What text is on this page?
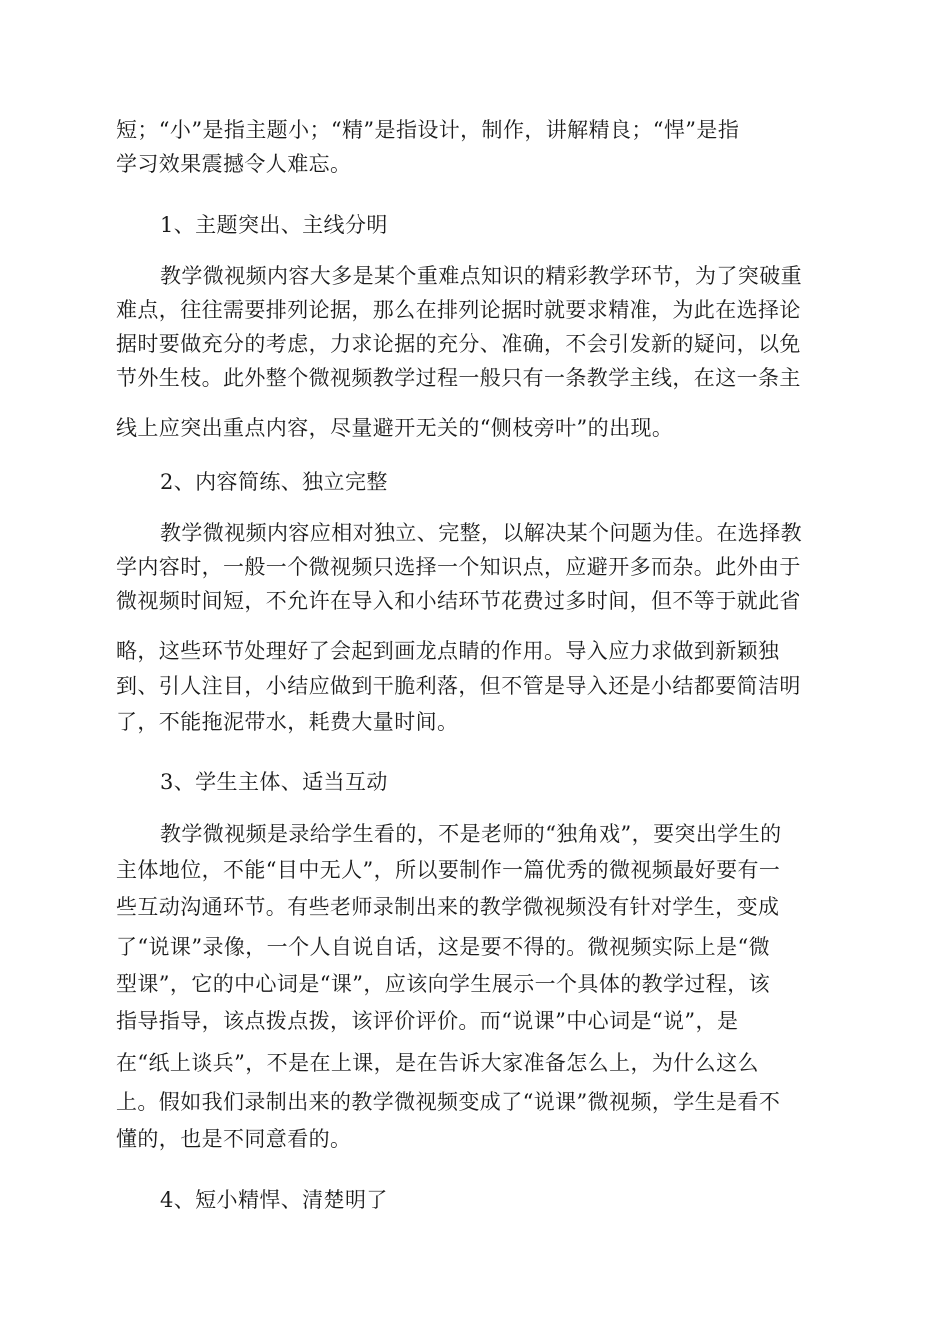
短；“小”是指主题小；“精”是指设计，制作，讲解精良；“悍”是指
学习效果震撼令人难忘。
1、主题突出、主线分明
教学微视频内容大多是某个重难点知识的精彩教学环节，为了突破重
难点，往往需要排列论据，那么在排列论据时就要求精准，为此在选择论
据时要做充分的考虑，力求论据的充分、准确，不会引发新的疑问，以免
节外生枝。此外整个微视频教学过程一般只有一条教学主线，在这一条主
线上应突出重点内容，尽量避开无关的“侧枝旁叶”的出现。
2、内容简练、独立完整
教学微视频内容应相对独立、完整，以解决某个问题为佳。在选择教
学内容时，一般一个微视频只选择一个知识点，应避开多而杂。此外由于
微视频时间短，不允许在导入和小结环节花费过多时间，但不等于就此省
略，这些环节处理好了会起到画龙点睛的作用。导入应力求做到新颖独
到、引人注目，小结应做到干脆利落，但不管是导入还是小结都要简洁明
了，不能拖泥带水，耗费大量时间。
3、学生主体、适当互动
教学微视频是录给学生看的，不是老师的“独角戏”，要突出学生的
主体地位，不能“目中无人”，所以要制作一篇优秀的微视频最好要有一
些互动沟通环节。有些老师录制出来的教学微视频没有针对学生，变成
了“说课”录像，一个人自说自话，这是要不得的。微视频实际上是“微
型课”，它的中心词是“课”，应该向学生展示一个具体的教学过程，该
指导指导，该点拨点拨，该评价评价。而“说课”中心词是“说”，是
在“纸上谈兵”，不是在上课，是在告诉大家准备怎么上，为什么这么
上。假如我们录制出来的教学微视频变成了“说课”微视频，学生是看不
懂的，也是不同意看的。
4、短小精悍、清楚明了
